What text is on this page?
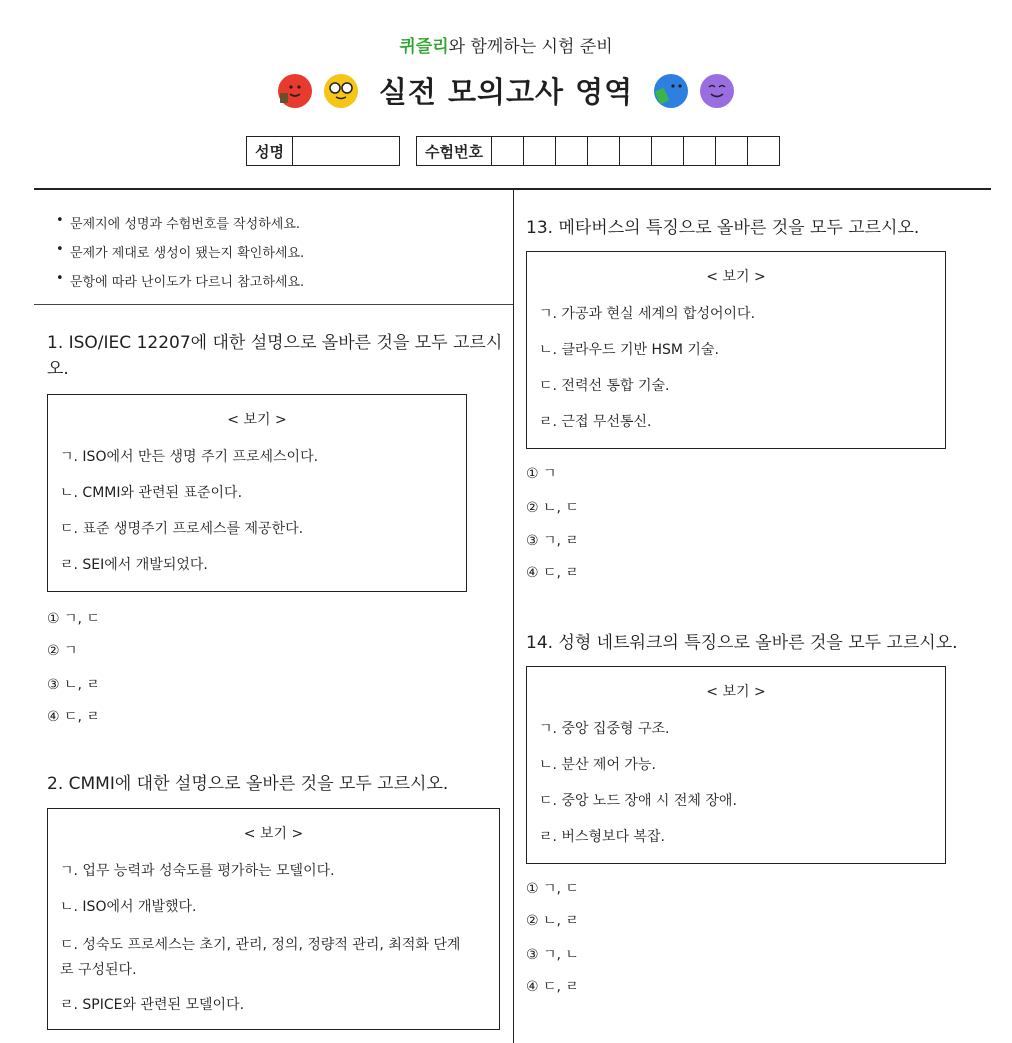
퀴즐리와 함께하는 시험 준비
실전 모의고사 영역
성명	수험번호
• 문제지에 성명과 수험번호를 작성하세요.
• 문제가 제대로 생성이 됐는지 확인하세요.
• 문항에 따라 난이도가 다르니 참고하세요.
1. ISO/IEC 12207에 대한 설명으로 올바른 것을 모두 고르시오.
< 보기 >
ㄱ. ISO에서 만든 생명 주기 프로세스이다.
ㄴ. CMMI와 관련된 표준이다.
ㄷ. 표준 생명주기 프로세스를 제공한다.
ㄹ. SEI에서 개발되었다.
① ㄱ, ㄷ
② ㄱ
③ ㄴ, ㄹ
④ ㄷ, ㄹ
2. CMMI에 대한 설명으로 올바른 것을 모두 고르시오.
< 보기 >
ㄱ. 업무 능력과 성숙도를 평가하는 모델이다.
ㄴ. ISO에서 개발했다.
ㄷ. 성숙도 프로세스는 초기, 관리, 정의, 정량적 관리, 최적화 단계로 구성된다.
ㄹ. SPICE와 관련된 모델이다.
13. 메타버스의 특징으로 올바른 것을 모두 고르시오.
< 보기 >
ㄱ. 가공과 현실 세계의 합성어이다.
ㄴ. 클라우드 기반 HSM 기술.
ㄷ. 전력선 통합 기술.
ㄹ. 근접 무선통신.
① ㄱ
② ㄴ, ㄷ
③ ㄱ, ㄹ
④ ㄷ, ㄹ
14. 성형 네트워크의 특징으로 올바른 것을 모두 고르시오.
< 보기 >
ㄱ. 중앙 집중형 구조.
ㄴ. 분산 제어 가능.
ㄷ. 중앙 노드 장애 시 전체 장애.
ㄹ. 버스형보다 복잡.
① ㄱ, ㄷ
② ㄴ, ㄹ
③ ㄱ, ㄴ
④ ㄷ, ㄹ
